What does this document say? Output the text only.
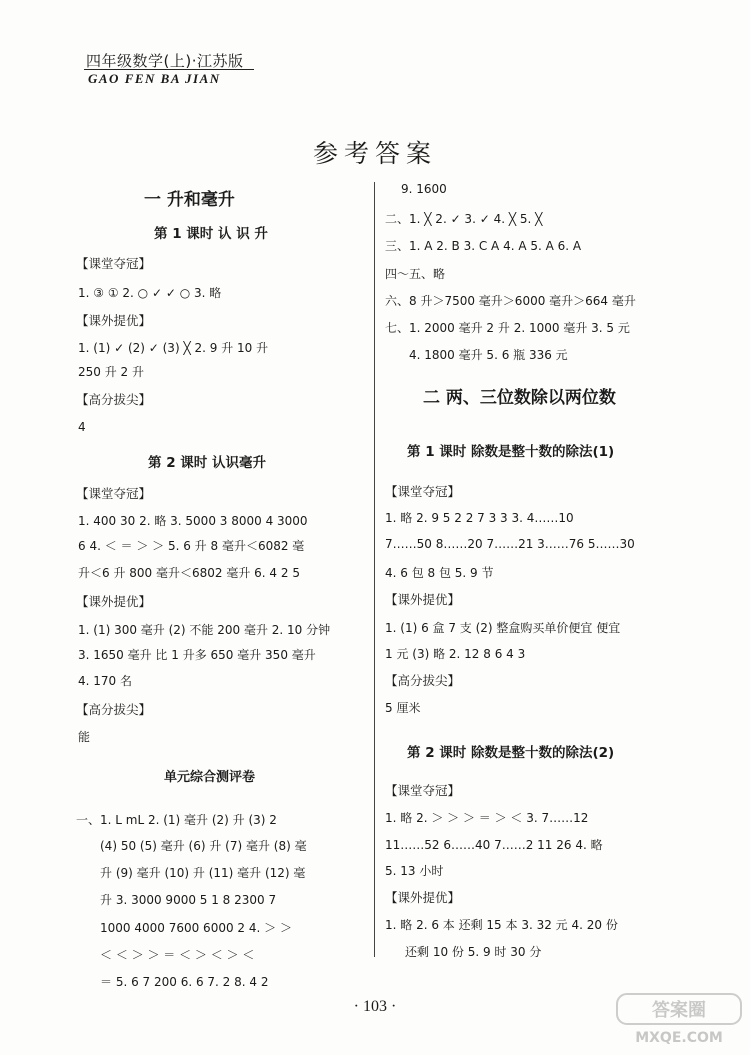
四年级数学(上)·江苏版
GAO FEN BA JIAN
参考答案
一 升和毫升
第 1 课时 认 识 升
【课堂夺冠】
1. ③ ① 2. ○ ✓ ✓ ○ 3. 略
【课外提优】
1. (1) ✓ (2) ✓ (3) ╳ 2. 9 升 10 升
250 升 2 升
【高分拔尖】
4
第 2 课时 认识毫升
【课堂夺冠】
1. 400 30 2. 略 3. 5000 3 8000 4 3000
6 4. ＜ ＝ ＞ ＞ 5. 6 升 8 毫升＜6082 毫
升＜6 升 800 毫升＜6802 毫升 6. 4 2 5
【课外提优】
1. (1) 300 毫升 (2) 不能 200 毫升 2. 10 分钟
3. 1650 毫升 比 1 升多 650 毫升 350 毫升
4. 170 名
【高分拔尖】
能
单元综合测评卷
一、1. L mL 2. (1) 毫升 (2) 升 (3) 2
(4) 50 (5) 毫升 (6) 升 (7) 毫升 (8) 毫
升 (9) 毫升 (10) 升 (11) 毫升 (12) 毫
升 3. 3000 9000 5 1 8 2300 7
1000 4000 7600 6000 2 4. ＞ ＞
＜ ＜ ＞ ＞ ＝ ＜ ＞ ＜ ＞ ＜
＝ 5. 6 7 200 6. 6 7. 2 8. 4 2
9. 1600
二、1. ╳ 2. ✓ 3. ✓ 4. ╳ 5. ╳
三、1. A 2. B 3. C A 4. A 5. A 6. A
四～五、略
六、8 升＞7500 毫升＞6000 毫升＞664 毫升
七、1. 2000 毫升 2 升 2. 1000 毫升 3. 5 元
4. 1800 毫升 5. 6 瓶 336 元
二 两、三位数除以两位数
第 1 课时 除数是整十数的除法(1)
【课堂夺冠】
1. 略 2. 9 5 2 2 7 3 3 3. 4……10
7……50 8……20 7……21 3……76 5……30
4. 6 包 8 包 5. 9 节
【课外提优】
1. (1) 6 盒 7 支 (2) 整盒购买单价便宜 便宜
1 元 (3) 略 2. 12 8 6 4 3
【高分拔尖】
5 厘米
第 2 课时 除数是整十数的除法(2)
【课堂夺冠】
1. 略 2. ＞ ＞ ＞ ＝ ＞ ＜ 3. 7……12
11……52 6……40 7……2 11 26 4. 略
5. 13 小时
【课外提优】
1. 略 2. 6 本 还剩 15 本 3. 32 元 4. 20 份
还剩 10 份 5. 9 时 30 分
· 103 ·	答案圈
MXQE.COM
